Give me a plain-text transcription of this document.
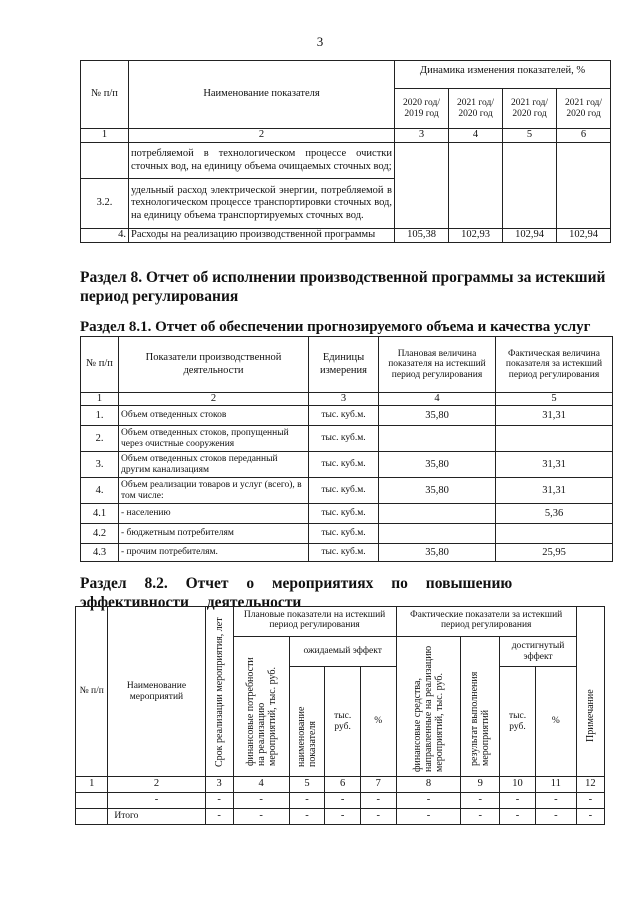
3
№ п/п	Наименование показателя	Динамика изменения показателей, %			
		2020 год/ 2019 год	2021 год/ 2020 год	2021 год/ 2020 год	2021 год/ 2020 год
1	2	3	4	5	6
	потребляемой в технологическом процессе очистки сточных вод, на единицу объема очищаемых сточных вод;				
3.2.	удельный расход электрической энергии, потребляемой в технологическом процессе транспортировки сточных вод, на единицу объема транспортируемых сточных вод.				
4.	Расходы на реализацию производственной программы	105,38	102,93	102,94	102,94
Раздел 8. Отчет об исполнении производственной программы за истекший период регулирования
Раздел 8.1. Отчет об обеспечении прогнозируемого объема и качества услуг
№ п/п	Показатели производственной деятельности	Единицы измерения	Плановая величина показателя на истекший период регулирования	Фактическая величина показателя за истекший период регулирования
1	2	3	4	5
1.	Объем отведенных стоков	тыс. куб.м.	35,80	31,31
2.	Объем отведенных стоков, пропущенный через очистные сооружения	тыс. куб.м.		
3.	Объем отведенных стоков переданный другим канализациям	тыс. куб.м.	35,80	31,31
4.	Объем реализации товаров и услуг (всего), в том числе:	тыс. куб.м.	35,80	31,31
4.1	- населению	тыс. куб.м.		5,36
4.2	- бюджетным потребителям	тыс. куб.м.		
4.3	- прочим потребителям.	тыс. куб.м.	35,80	25,95
Раздел 8.2. Отчет о мероприятиях по повышению эффективности деятельности
№ п/п	Наименование мероприятий	Срок реализации мероприятия, лет	Плановые показатели на истекший период регулирования				Фактические показатели за истекший период регулирования				Примечание

			финансовые потребности на реализацию мероприятий, тыс. руб.	ожидаемый эффект			финансовые средства, направленные на реализацию мероприятий, тыс. руб.	результат выполнения мероприятий	достигнутый эффект		

				наименование показателя	тыс. руб.	%			тыс. руб.	%	
1	2	3	4	5	6	7	8	9	10	11	12
	-	-	-	-	-	-	-	-	-	-	-
	Итого	-	-	-	-	-	-	-	-	-	-
